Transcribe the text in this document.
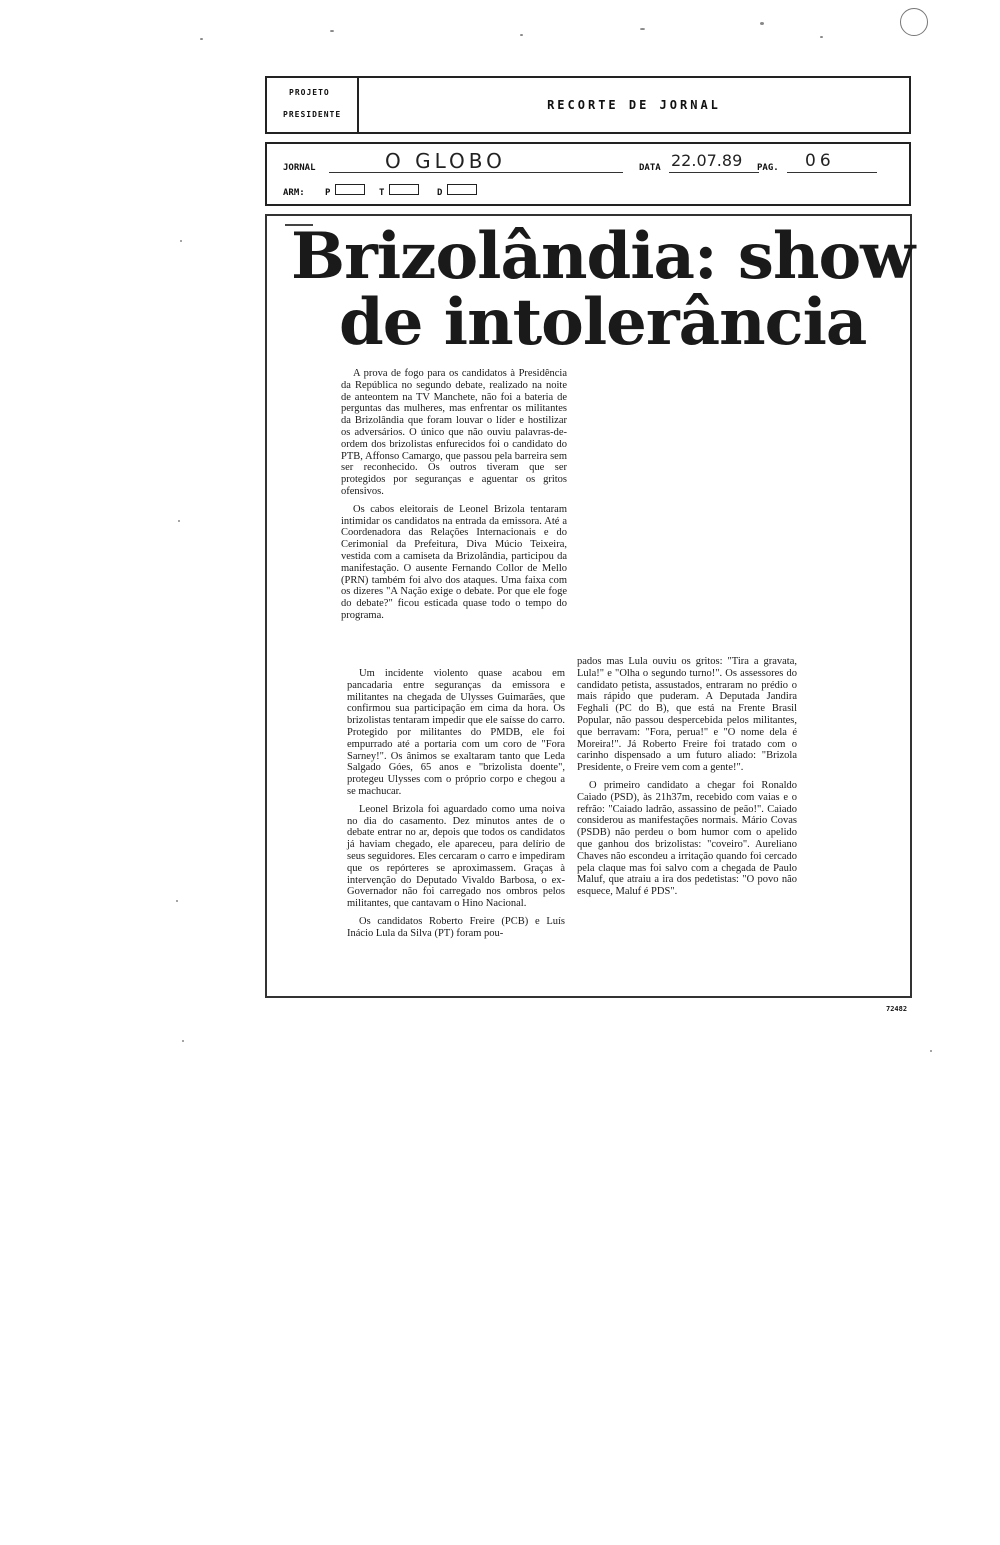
PROJETO
PRESIDENTE
RECORTE DE JORNAL
JORNAL	O GLOBO	DATA 22.07.89 PAG. 06
ARM: P	T	D
Brizolândia: show
de intolerância

A prova de fogo para os candidatos à Presidência da República no segundo debate, realizado na noite de anteontem na TV Manchete, não foi a bateria de perguntas das mulheres, mas enfrentar os militantes da Brizolândia que foram louvar o líder e hostilizar os adversários. O único que não ouviu palavras-de-ordem dos brizolistas enfurecidos foi o candidato do PTB, Affonso Camargo, que passou pela barreira sem ser reconhecido. Os outros tiveram que ser protegidos por seguranças e aguentar os gritos ofensivos.

Os cabos eleitorais de Leonel Brizola tentaram intimidar os candidatos na entrada da emissora. Até a Coordenadora das Relações Internacionais e do Cerimonial da Prefeitura, Diva Múcio Teixeira, vestida com a camiseta da Brizolândia, participou da manifestação. O ausente Fernando Collor de Mello (PRN) também foi alvo dos ataques. Uma faixa com os dizeres "A Nação exige o debate. Por que ele foge do debate?" ficou esticada quase todo o tempo do programa.

Um incidente violento quase acabou em pancadaria entre seguranças da emissora e militantes na chegada de Ulysses Guimarães, que confirmou sua participação em cima da hora. Os brizolistas tentaram impedir que ele saísse do carro. Protegido por militantes do PMDB, ele foi empurrado até a portaria com um coro de "Fora Sarney!". Os ânimos se exaltaram tanto que Leda Salgado Góes, 65 anos e "brizolista doente", protegeu Ulysses com o próprio corpo e chegou a se machucar.

Leonel Brizola foi aguardado como uma noiva no dia do casamento. Dez minutos antes de o debate entrar no ar, depois que todos os candidatos já haviam chegado, ele apareceu, para delírio de seus seguidores. Eles cercaram o carro e impediram que os repórteres se aproximassem. Graças à intervenção do Deputado Vivaldo Barbosa, o ex-Governador não foi carregado nos ombros pelos militantes, que cantavam o Hino Nacional.

Os candidatos Roberto Freire (PCB) e Luís Inácio Lula da Silva (PT) foram pou-

pados mas Lula ouviu os gritos: "Tira a gravata, Lula!" e "Olha o segundo turno!". Os assessores do candidato petista, assustados, entraram no prédio o mais rápido que puderam. A Deputada Jandira Feghali (PC do B), que está na Frente Brasil Popular, não passou despercebida pelos militantes, que berravam: "Fora, perua!" e "O nome dela é Moreira!". Já Roberto Freire foi tratado com o carinho dispensado a um futuro aliado: "Brizola Presidente, o Freire vem com a gente!".

O primeiro candidato a chegar foi Ronaldo Caiado (PSD), às 21h37m, recebido com vaias e o refrão: "Caiado ladrão, assassino de peão!". Caiado considerou as manifestações normais. Mário Covas (PSDB) não perdeu o bom humor com o apelido que ganhou dos brizolistas: "coveiro". Aureliano Chaves não escondeu a irritação quando foi cercado pela claque mas foi salvo com a chegada de Paulo Maluf, que atraiu a ira dos pedetistas: "O povo não esquece, Maluf é PDS".

72482
